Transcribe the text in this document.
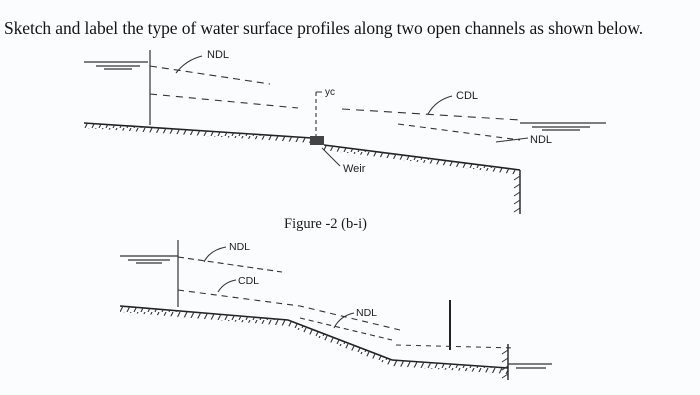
Sketch and label the type of water surface profiles along two open channels as shown below.
Figure -2 (b-i)
NDL
yc
Weir
CDL
NDL
NDL
CDL
NDL
